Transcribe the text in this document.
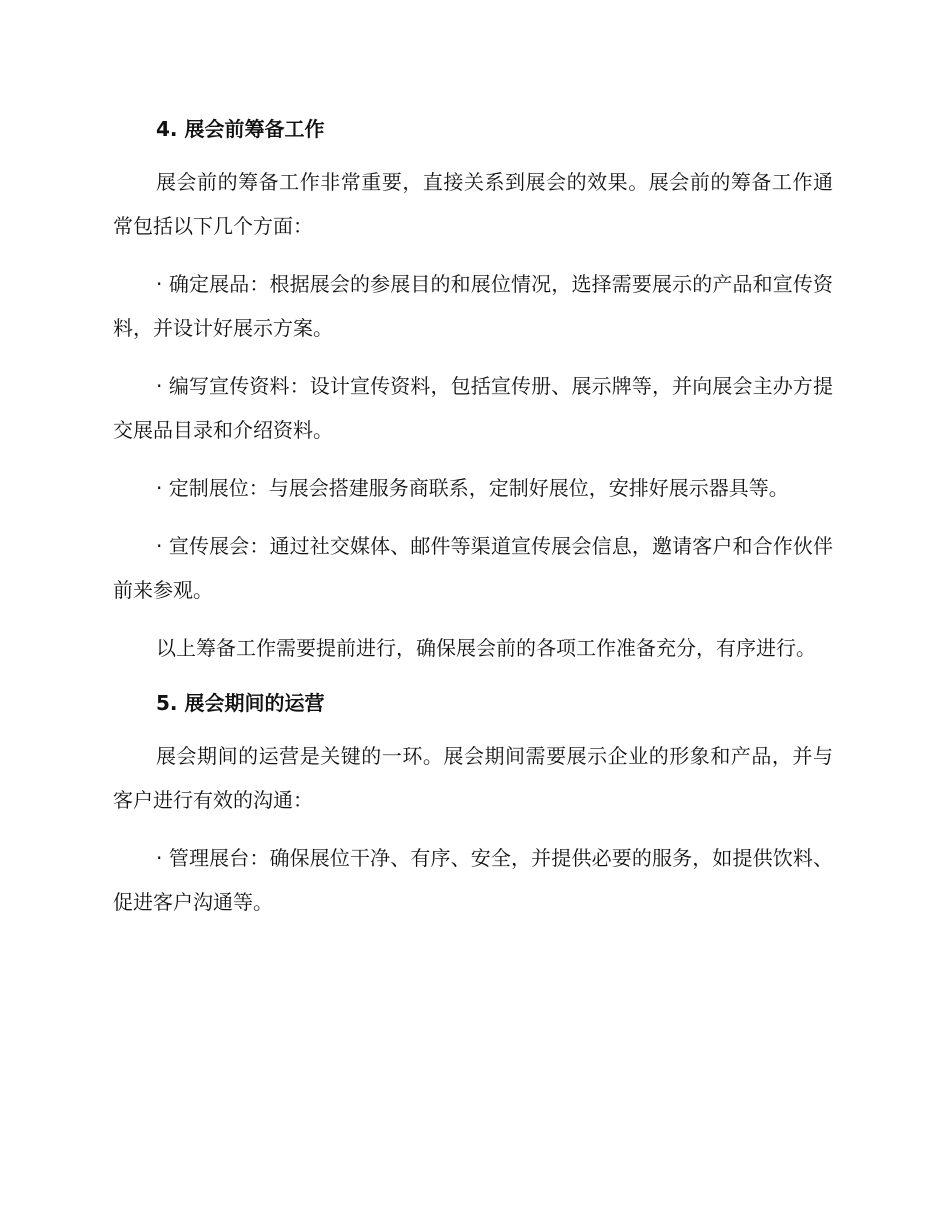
4. 展会前筹备工作

展会前的筹备工作非常重要，直接关系到展会的效果。展会前的筹备工作通常包括以下几个方面：

· 确定展品：根据展会的参展目的和展位情况，选择需要展示的产品和宣传资料，并设计好展示方案。

· 编写宣传资料：设计宣传资料，包括宣传册、展示牌等，并向展会主办方提交展品目录和介绍资料。

· 定制展位：与展会搭建服务商联系，定制好展位，安排好展示器具等。

· 宣传展会：通过社交媒体、邮件等渠道宣传展会信息，邀请客户和合作伙伴前来参观。

以上筹备工作需要提前进行，确保展会前的各项工作准备充分，有序进行。

5. 展会期间的运营

展会期间的运营是关键的一环。展会期间需要展示企业的形象和产品，并与客户进行有效的沟通：

· 管理展台：确保展位干净、有序、安全，并提供必要的服务，如提供饮料、促进客户沟通等。
